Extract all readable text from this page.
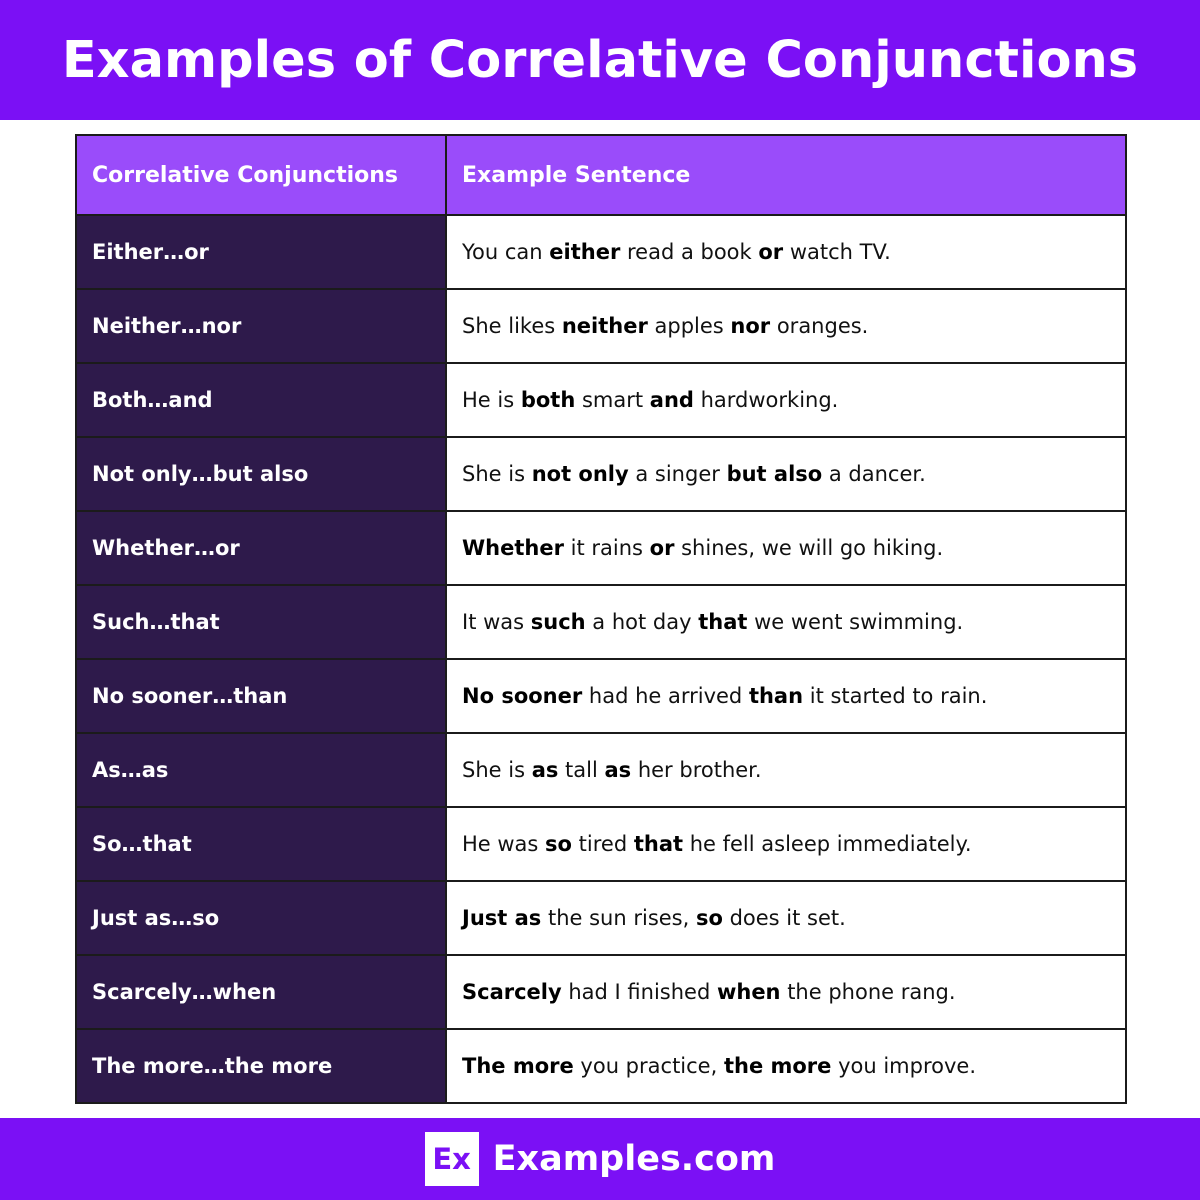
Examples of Correlative Conjunctions
Correlative Conjunctions	Example Sentence
Either…or	You can either read a book or watch TV.
Neither…nor	She likes neither apples nor oranges.
Both…and	He is both smart and hardworking.
Not only…but also	She is not only a singer but also a dancer.
Whether…or	Whether it rains or shines, we will go hiking.
Such…that	It was such a hot day that we went swimming.
No sooner…than	No sooner had he arrived than it started to rain.
As…as	She is as tall as her brother.
So…that	He was so tired that he fell asleep immediately.
Just as…so	Just as the sun rises, so does it set.
Scarcely…when	Scarcely had I finished when the phone rang.
The more…the more	The more you practice, the more you improve.
Ex Examples.com
